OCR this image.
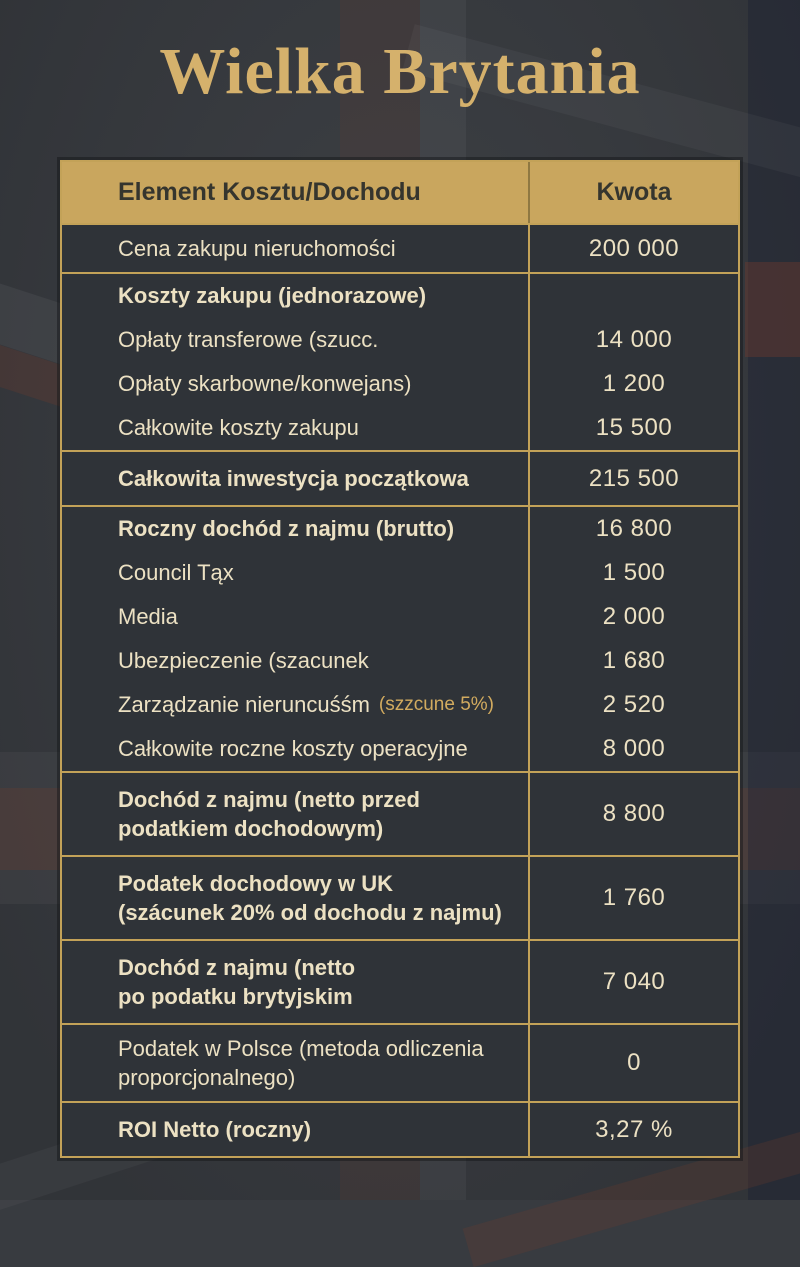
Wielka Brytania
Element Kosztu/Dochodu	Kwota
Cena zakupu nieruchomości	200 000
Koszty zakupu (jednorazowe)
Opłaty transferowe (szucc.	14 000
Opłaty skarbowne/konwejans)	1 200
Całkowite koszty zakupu	15 500
Całkowita inwestycja początkowa	215 500
Roczny dochód z najmu (brutto)	16 800
Council Tąx	1 500
Media	2 000
Ubezpieczenie (szacunek	1 680
Zarządzanie nieruncuśśm (szzcune 5%)	2 520
Całkowite roczne koszty operacyjne	8 000
Dochód z najmu (netto przed
podatkiem dochodowym)
8 800
Podatek dochodowy w UK
(szácunek 20% od dochodu z najmu)
1 760
Dochód z najmu (netto
po podatku brytyjskim
7 040
Podatek w Polsce (metoda odliczenia
proporcjonalnego)
0
ROI Netto (roczny)	3,27 %
